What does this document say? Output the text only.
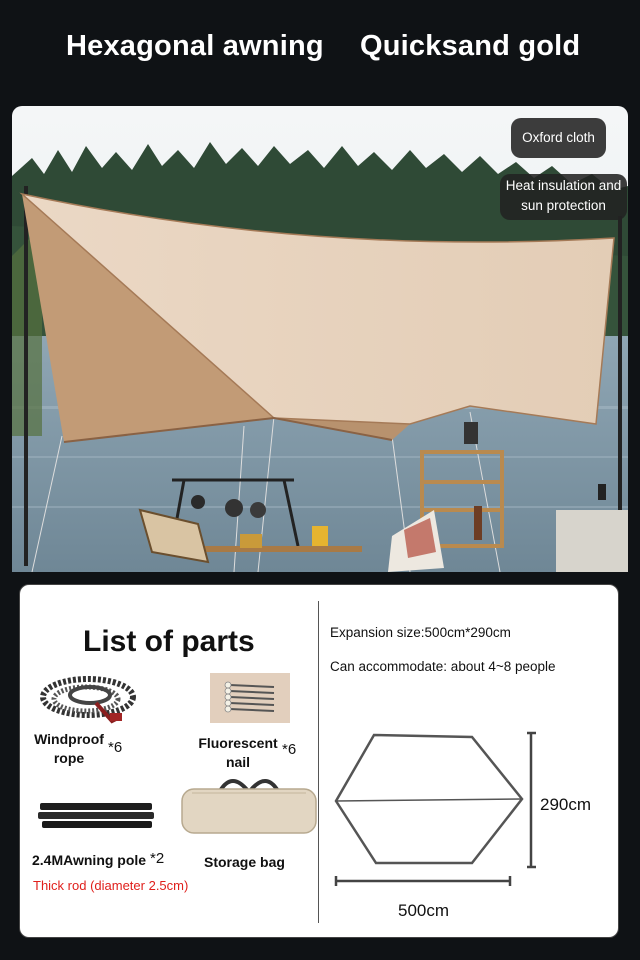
Hexagonal awning Quicksand gold
Oxford cloth
Heat insulation and
sun protection
List of parts
Windproof
rope
*6	Fluorescent
nail
*6
2.4MAwning pole *2
Thick rod (diameter 2.5cm)
Storage bag
Expansion size:500cm*290cm
Can accommodate: about 4~8 people
290cm
500cm
